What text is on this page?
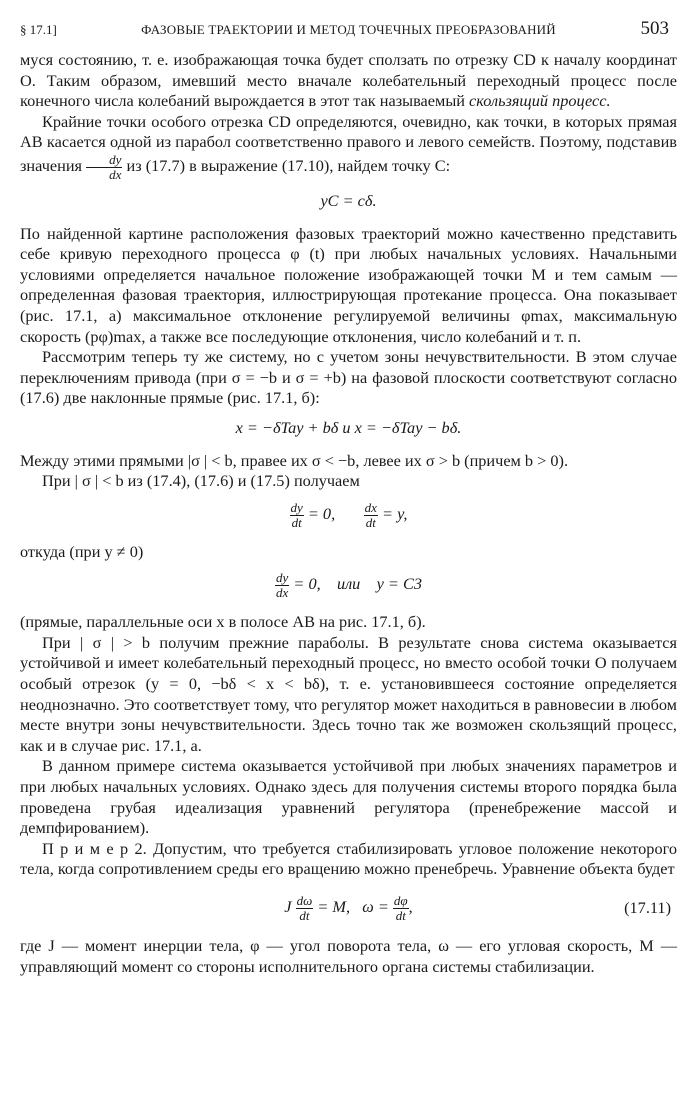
§ 17.1]	ФАЗОВЫЕ ТРАЕКТОРИИ И МЕТОД ТОЧЕЧНЫХ ПРЕОБРАЗОВАНИЙ	503

муся состоянию, т. е. изображающая точка будет сползать по отрезку CD к началу координат O. Таким образом, имевший место вначале колебательный переходный процесс после конечного числа колебаний вырождается в этот так называемый скользящий процесс.

Крайние точки особого отрезка CD определяются, очевидно, как точки, в которых прямая AB касается одной из парабол соответственно правого и левого семейств. Поэтому, подставив значения $\frac{dy}{dx}$ из (17.7) в выражение (17.10), найдем точку C:

yC = cδ.

По найденной картине расположения фазовых траекторий можно качественно представить себе кривую переходного процесса φ (t) при любых начальных условиях. Начальными условиями определяется начальное положение изображающей точки M и тем самым — определенная фазовая траектория, иллюстрирующая протекание процесса. Она показывает (рис. 17.1, a) максимальное отклонение регулируемой величины φmax, максимальную скорость (pφ)max, а также все последующие отклонения, число колебаний и т. п.

Рассмотрим теперь ту же систему, но с учетом зоны нечувствительности. В этом случае переключениям привода (при σ = −b и σ = +b) на фазовой плоскости соответствуют согласно (17.6) две наклонные прямые (рис. 17.1, б):

x = −δTay + bδ и x = −δTay − bδ.

Между этими прямыми |σ | < b, правее их σ < −b, левее их σ > b (причем b > 0).

При | σ | < b из (17.4), (17.6) и (17.5) получаем

$\frac{dy}{dt} = 0$, $\frac{dx}{dt} = y$,

откуда (при y ≠ 0)

$\frac{dy}{dx} = 0$,    или    y = C3

(прямые, параллельные оси x в полосе AB на рис. 17.1, б).

При | σ | > b получим прежние параболы. В результате снова система оказывается устойчивой и имеет колебательный переходный процесс, но вместо особой точки O получаем особый отрезок (y = 0, −bδ < x < bδ), т. е. установившееся состояние определяется неоднозначно. Это соответствует тому, что регулятор может находиться в равновесии в любом месте внутри зоны нечувствительности. Здесь точно так же возможен скользящий процесс, как и в случае рис. 17.1, a.

В данном примере система оказывается устойчивой при любых значениях параметров и при любых начальных условиях. Однако здесь для получения системы второго порядка была проведена грубая идеализация уравнений регулятора (пренебрежение массой и демпфированием).

П р и м е р 2. Допустим, что требуется стабилизировать угловое положение некоторого тела, когда сопротивлением среды его вращению можно пренебречь. Уравнение объекта будет

J $\frac{d\omega}{dt} = M$,   $\omega = \frac{d\varphi}{dt}$ ,	(17.11)

где J — момент инерции тела, φ — угол поворота тела, ω — его угловая скорость, M — управляющий момент со стороны исполнительного органа системы стабилизации.
